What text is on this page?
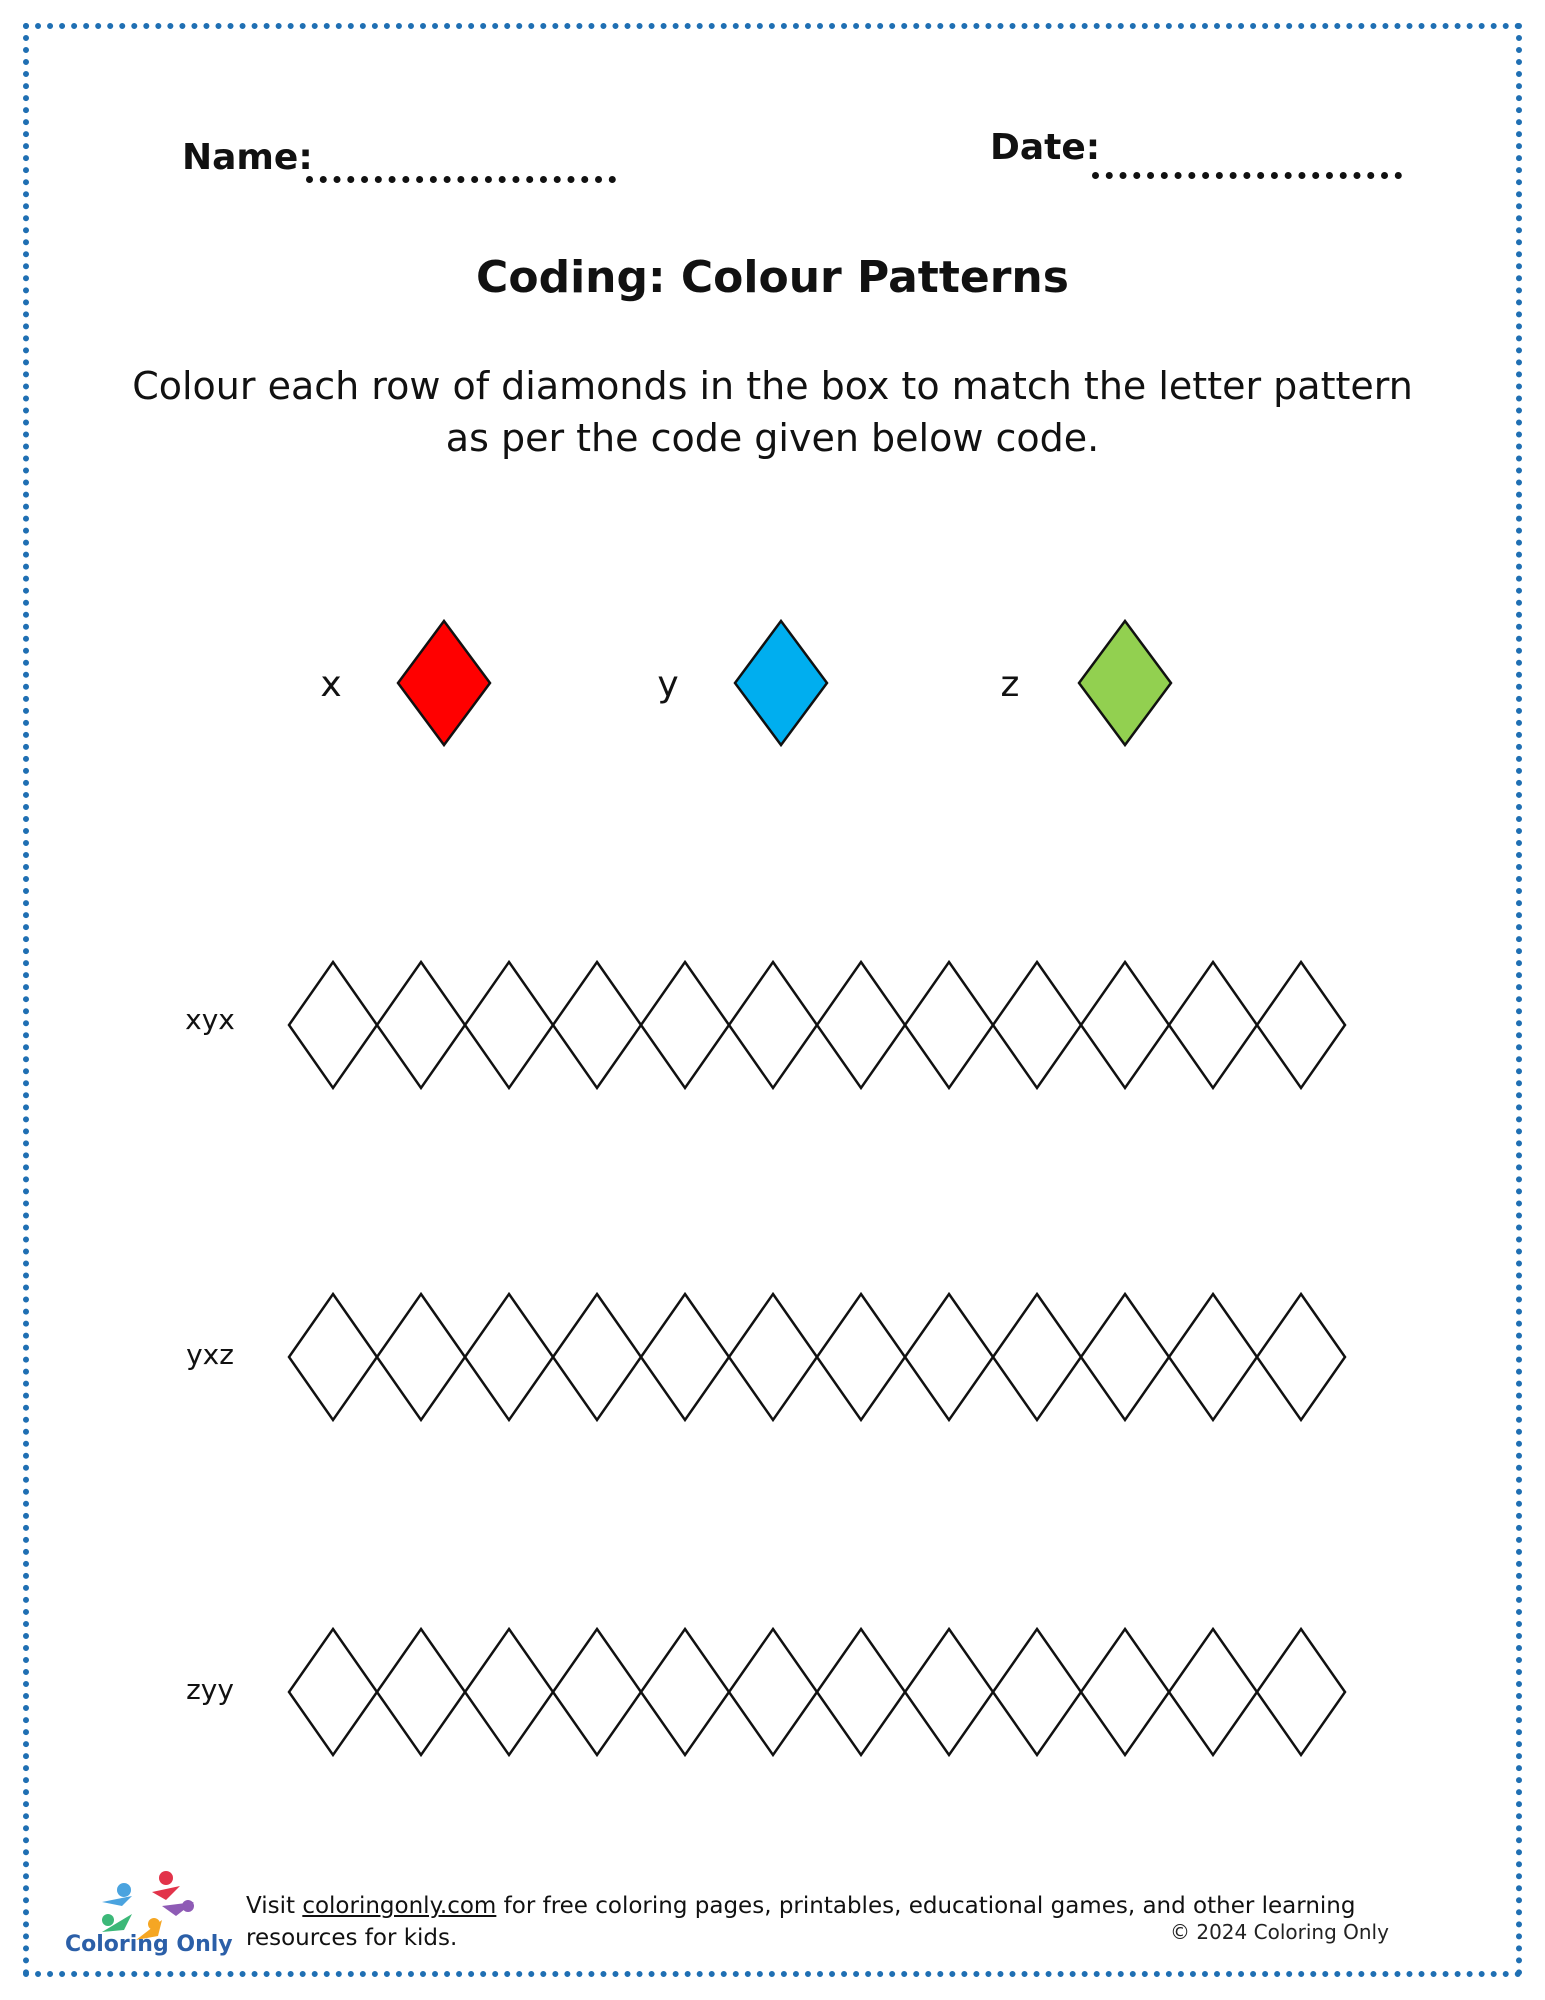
Name:	Date:
Coding: Colour Patterns
Colour each row of diamonds in the box to match the letter pattern
as per the code given below code.
x	y	z
xyx
yxz
zyy
Coloring Only
Visit coloringonly.com for free coloring pages, printables, educational games, and other learning resources for kids.	© 2024 Coloring Only
